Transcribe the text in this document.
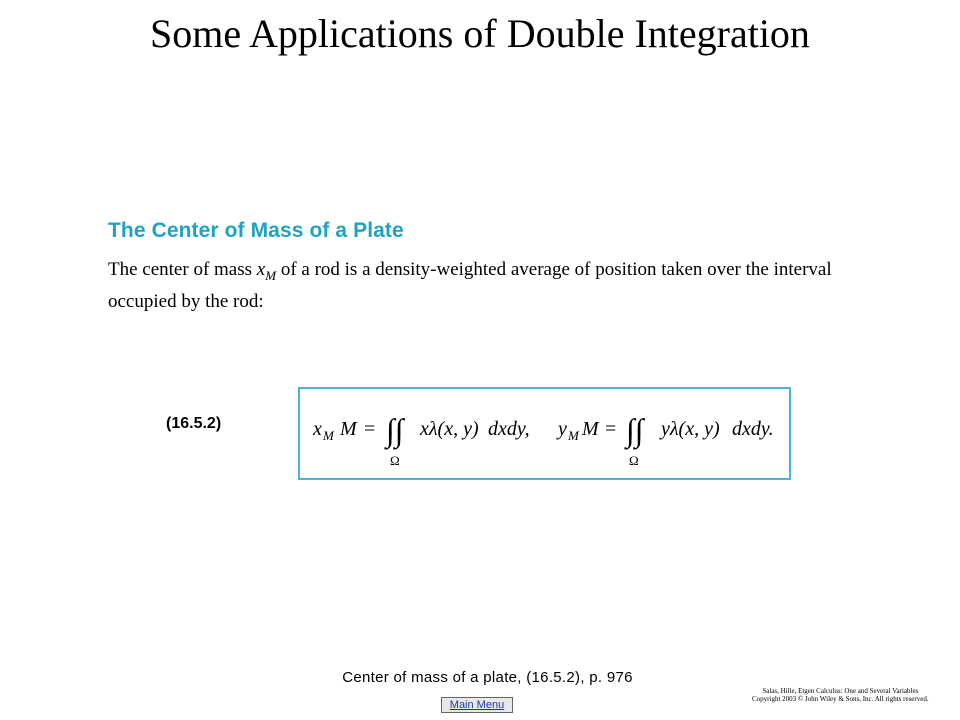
Some Applications of Double Integration
The Center of Mass of a Plate
The center of mass $x_M$ of a rod is a density-weighted average of position taken over the interval occupied by the rod:
(16.5.2)	x M M = ∫∫
Ω
xλ(x, y) dxdy, y M M = ∫∫
Ω
yλ(x, y) dxdy.
Center of mass of a plate, (16.5.2), p. 976
Salas, Hille, Etgen Calculus: One and Several Variables
Copyright 2003 © John Wiley & Sons, Inc. All rights reserved.
Main Menu
